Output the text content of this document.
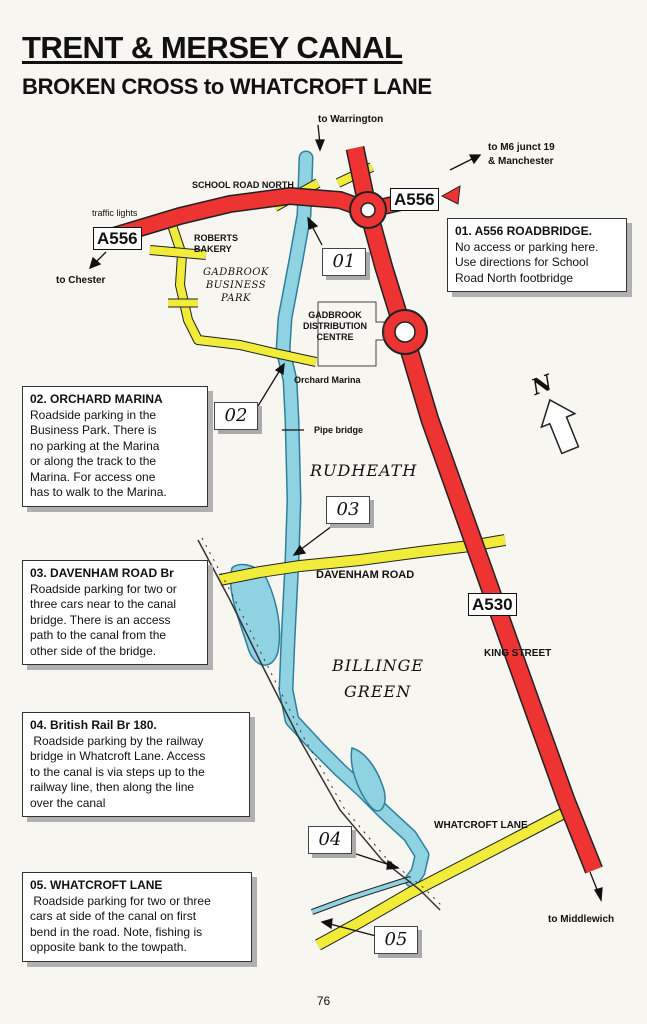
TRENT & MERSEY CANAL
BROKEN CROSS to WHATCROFT LANE
to Warrington
to M6 junct 19
& Manchester
SCHOOL ROAD NORTH
traffic lights
to Chester
ROBERTS
BAKERY
GADBROOK
BUSINESS
PARK
GADBROOK
DISTRIBUTION
CENTRE
Orchard Marina
Pipe bridge
RUDHEATH
DAVENHAM ROAD
BILLINGE
GREEN
KING STREET
WHATCROFT LANE
to Middlewich
N
A556
A556
A530
01
02
03
04
05
01. A556 ROADBRIDGE.
No access or parking here.
Use directions for School
Road North footbridge
02. ORCHARD MARINA
Roadside parking in the
Business Park. There is
no parking at the Marina
or along the track to the
Marina. For access one
has to walk to the Marina.
03. DAVENHAM ROAD Br
Roadside parking for two or
three cars near to the canal
bridge. There is an access
path to the canal from the
other side of the bridge.
04. British Rail Br 180.
Roadside parking by the railway
bridge in Whatcroft Lane. Access
to the canal is via steps up to the
railway line, then along the line
over the canal
05. WHATCROFT LANE
Roadside parking for two or three
cars at side of the canal on first
bend in the road. Note, fishing is
opposite bank to the towpath.
76
